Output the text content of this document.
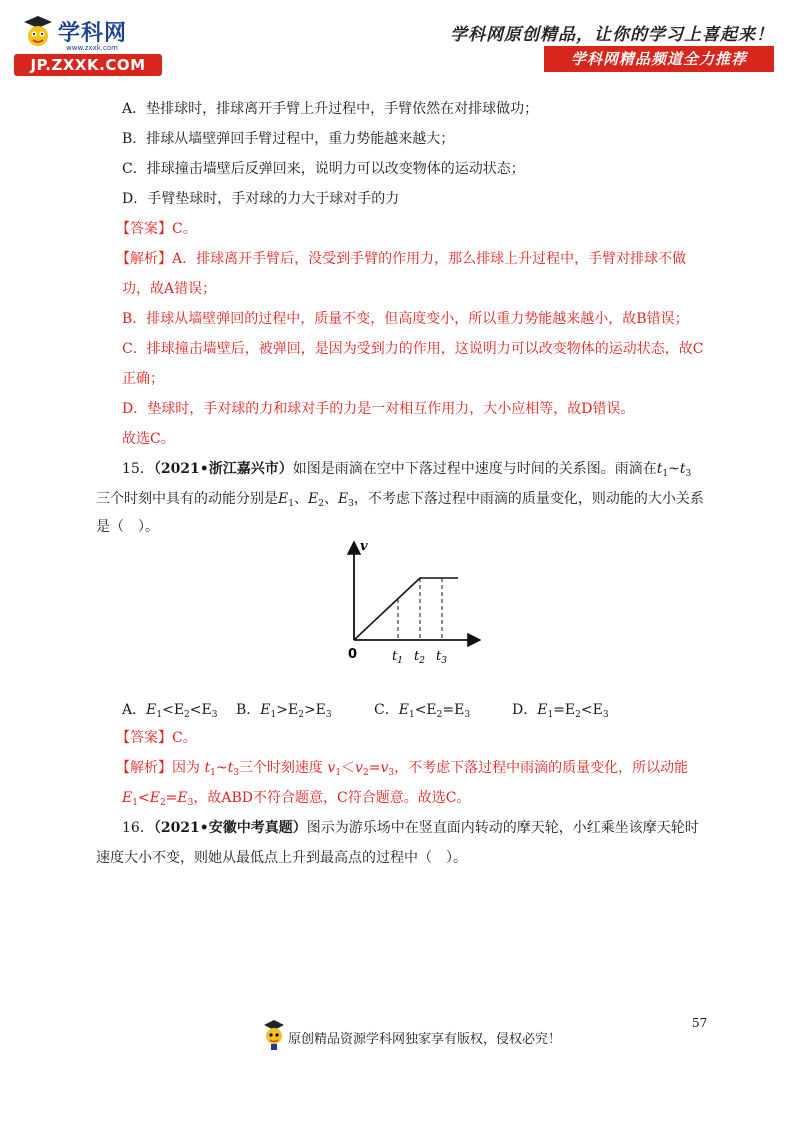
学科网
www.zxxk.com
JP.ZXXK.COM
学科网原创精品，让你的学习上喜起来！
学科网精品频道全力推荐
A．垫排球时，排球离开手臂上升过程中，手臂依然在对排球做功；
B．排球从墙壁弹回手臂过程中，重力势能越来越大；
C．排球撞击墙壁后反弹回来，说明力可以改变物体的运动状态；
D．手臂垫球时，手对球的力大于球对手的力
【答案】C。
【解析】A．排球离开手臂后，没受到手臂的作用力，那么排球上升过程中，手臂对排球不做
功，故A错误；
B．排球从墙壁弹回的过程中，质量不变，但高度变小，所以重力势能越来越小，故B错误；
C．排球撞击墙壁后，被弹回，是因为受到力的作用，这说明力可以改变物体的运动状态，故C
正确；
D．垫球时，手对球的力和球对手的力是一对相互作用力，大小应相等，故D错误。
故选C。
15．（2021•浙江嘉兴市）如图是雨滴在空中下落过程中速度与时间的关系图。雨滴在$t_1\sim t_3$
三个时刻中具有的动能分别是$E_1$、$E_2$、$E_3$，不考虑下落过程中雨滴的质量变化，则动能的大小关系
是（　）。
v
0	$t_1$ $t_2$ $t_3$
A．$E_1<E_2<E_3$ B．$E_1>E_2>E_3$	C．$E_1<E_2=E_3$	D．$E_1=E_2<E_3$
【答案】C。
【解析】因为 $t_1\sim t_3$三个时刻速度 $v_1<v_2=v_3$，不考虑下落过程中雨滴的质量变化，所以动能
$E_1<E_2=E_3$，故ABD不符合题意，C符合题意。故选C。
16．（2021•安徽中考真题）图示为游乐场中在竖直面内转动的摩天轮，小红乘坐该摩天轮时
速度大小不变，则她从最低点上升到最高点的过程中（　）。
原创精品资源学科网独家享有版权，侵权必究！
57
